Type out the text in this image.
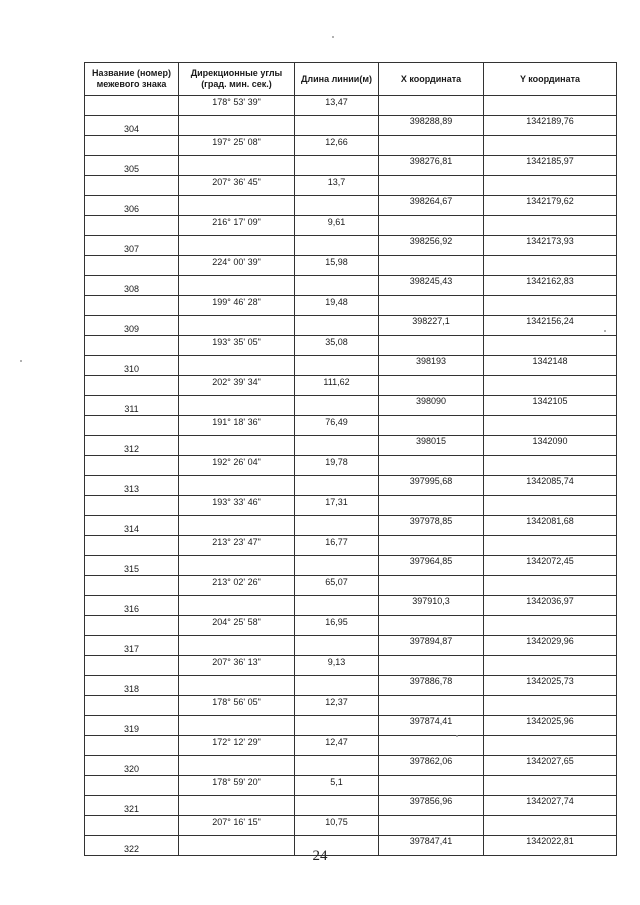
Название (номер)
межевого знака	Дирекционные углы
(град. мин. сек.)	Длина линии(м)	X координата	Y координата
	178° 53' 39"	13,47		
304			398288,89	1342189,76
	197° 25' 08"	12,66		
305			398276,81	1342185,97
	207° 36' 45"	13,7		
306			398264,67	1342179,62
	216° 17' 09"	9,61		
307			398256,92	1342173,93
	224° 00' 39"	15,98		
308			398245,43	1342162,83
	199° 46' 28"	19,48		
309			398227,1	1342156,24
	193° 35' 05"	35,08		
310			398193	1342148
	202° 39' 34"	111,62		
311			398090	1342105
	191° 18' 36"	76,49		
312			398015	1342090
	192° 26' 04"	19,78		
313			397995,68	1342085,74
	193° 33' 46"	17,31		
314			397978,85	1342081,68
	213° 23' 47"	16,77		
315			397964,85	1342072,45
	213° 02' 26"	65,07		
316			397910,3	1342036,97
	204° 25' 58"	16,95		
317			397894,87	1342029,96
	207° 36' 13"	9,13		
318			397886,78	1342025,73
	178° 56' 05"	12,37		
319			397874,41	1342025,96
	172° 12' 29"	12,47		
320			397862,06	1342027,65
	178° 59' 20"	5,1		
321			397856,96	1342027,74
	207° 16' 15"	10,75		
322			397847,41	1342022,81
24
